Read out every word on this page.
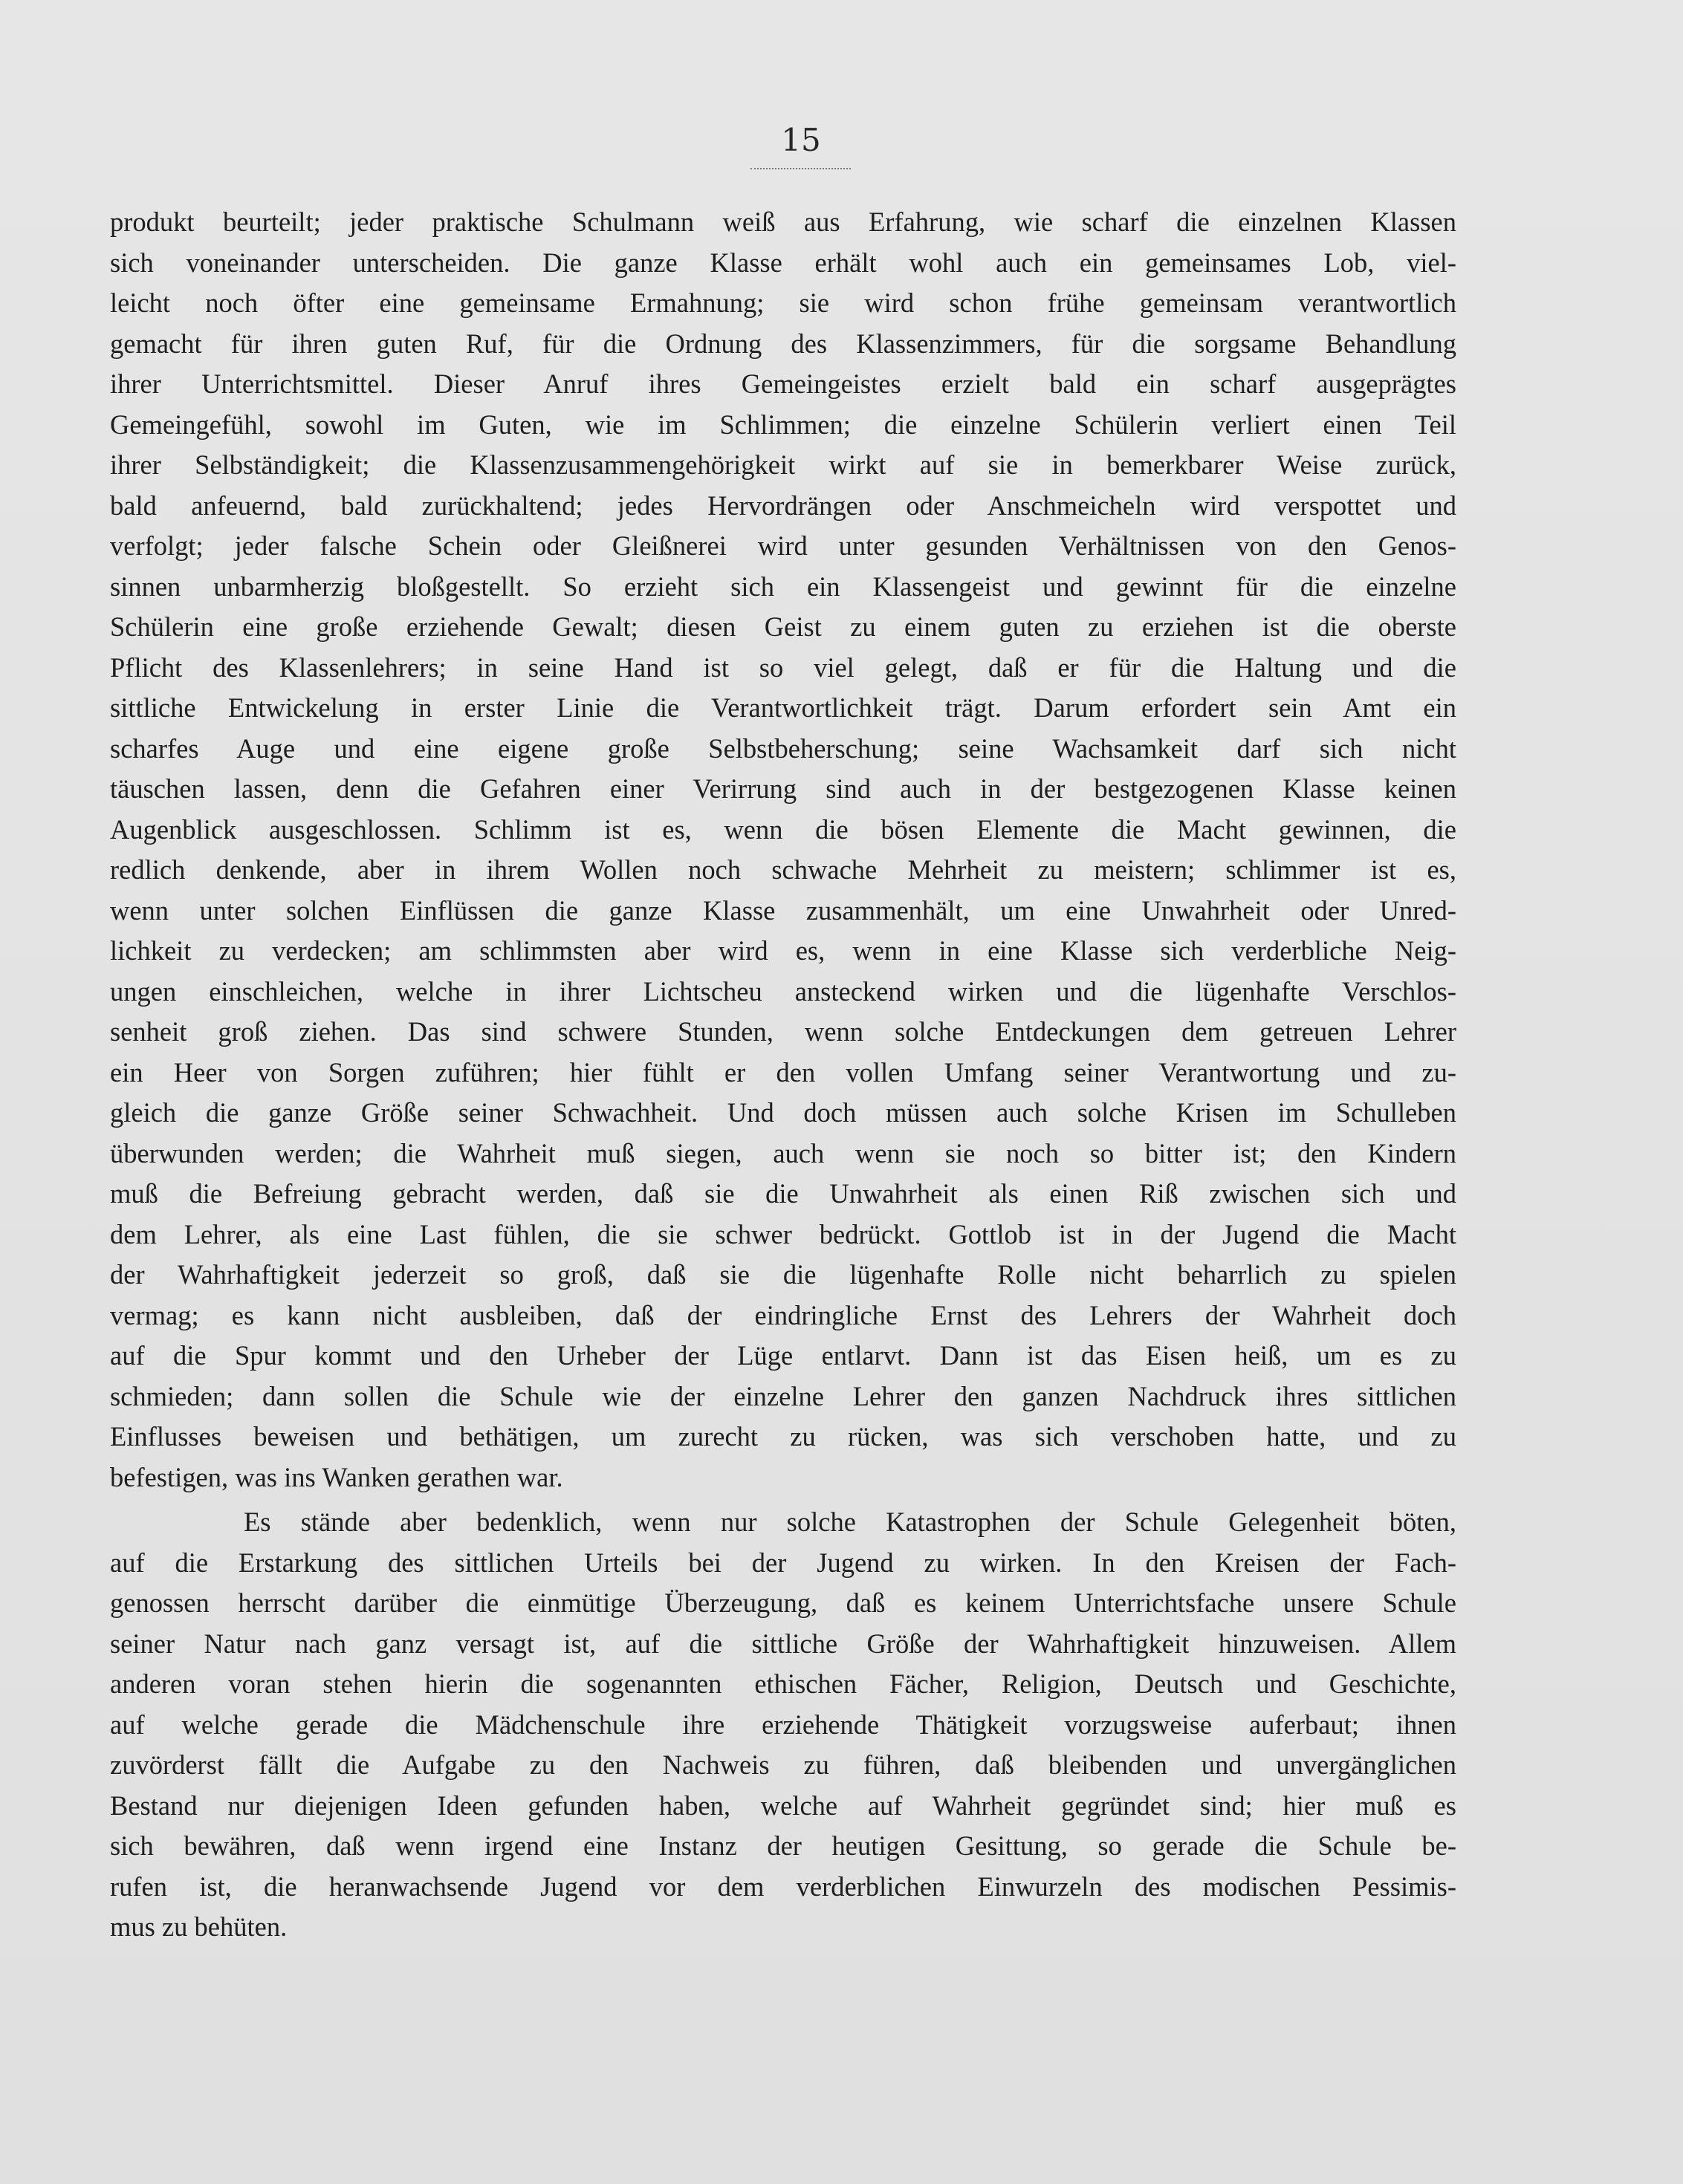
15
produkt beurteilt; jeder praktische Schulmann weiß aus Erfahrung, wie scharf die einzelnen Klassen
sich voneinander unterscheiden. Die ganze Klasse erhält wohl auch ein gemeinsames Lob, viel-
leicht noch öfter eine gemeinsame Ermahnung; sie wird schon frühe gemeinsam verantwortlich
gemacht für ihren guten Ruf, für die Ordnung des Klassenzimmers, für die sorgsame Behandlung
ihrer Unterrichtsmittel. Dieser Anruf ihres Gemeingeistes erzielt bald ein scharf ausgeprägtes
Gemeingefühl, sowohl im Guten, wie im Schlimmen; die einzelne Schülerin verliert einen Teil
ihrer Selbständigkeit; die Klassenzusammengehörigkeit wirkt auf sie in bemerkbarer Weise zurück,
bald anfeuernd, bald zurückhaltend; jedes Hervordrängen oder Anschmeicheln wird verspottet und
verfolgt; jeder falsche Schein oder Gleißnerei wird unter gesunden Verhältnissen von den Genos-
sinnen unbarmherzig bloßgestellt. So erzieht sich ein Klassengeist und gewinnt für die einzelne
Schülerin eine große erziehende Gewalt; diesen Geist zu einem guten zu erziehen ist die oberste
Pflicht des Klassenlehrers; in seine Hand ist so viel gelegt, daß er für die Haltung und die
sittliche Entwickelung in erster Linie die Verantwortlichkeit trägt. Darum erfordert sein Amt ein
scharfes Auge und eine eigene große Selbstbeherschung; seine Wachsamkeit darf sich nicht
täuschen lassen, denn die Gefahren einer Verirrung sind auch in der bestgezogenen Klasse keinen
Augenblick ausgeschlossen. Schlimm ist es, wenn die bösen Elemente die Macht gewinnen, die
redlich denkende, aber in ihrem Wollen noch schwache Mehrheit zu meistern; schlimmer ist es,
wenn unter solchen Einflüssen die ganze Klasse zusammenhält, um eine Unwahrheit oder Unred-
lichkeit zu verdecken; am schlimmsten aber wird es, wenn in eine Klasse sich verderbliche Neig-
ungen einschleichen, welche in ihrer Lichtscheu ansteckend wirken und die lügenhafte Verschlos-
senheit groß ziehen. Das sind schwere Stunden, wenn solche Entdeckungen dem getreuen Lehrer
ein Heer von Sorgen zuführen; hier fühlt er den vollen Umfang seiner Verantwortung und zu-
gleich die ganze Größe seiner Schwachheit. Und doch müssen auch solche Krisen im Schulleben
überwunden werden; die Wahrheit muß siegen, auch wenn sie noch so bitter ist; den Kindern
muß die Befreiung gebracht werden, daß sie die Unwahrheit als einen Riß zwischen sich und
dem Lehrer, als eine Last fühlen, die sie schwer bedrückt. Gottlob ist in der Jugend die Macht
der Wahrhaftigkeit jederzeit so groß, daß sie die lügenhafte Rolle nicht beharrlich zu spielen
vermag; es kann nicht ausbleiben, daß der eindringliche Ernst des Lehrers der Wahrheit doch
auf die Spur kommt und den Urheber der Lüge entlarvt. Dann ist das Eisen heiß, um es zu
schmieden; dann sollen die Schule wie der einzelne Lehrer den ganzen Nachdruck ihres sittlichen
Einflusses beweisen und bethätigen, um zurecht zu rücken, was sich verschoben hatte, und zu
befestigen, was ins Wanken gerathen war.
Es stände aber bedenklich, wenn nur solche Katastrophen der Schule Gelegenheit böten,
auf die Erstarkung des sittlichen Urteils bei der Jugend zu wirken. In den Kreisen der Fach-
genossen herrscht darüber die einmütige Überzeugung, daß es keinem Unterrichtsfache unsere Schule
seiner Natur nach ganz versagt ist, auf die sittliche Größe der Wahrhaftigkeit hinzuweisen. Allem
anderen voran stehen hierin die sogenannten ethischen Fächer, Religion, Deutsch und Geschichte,
auf welche gerade die Mädchenschule ihre erziehende Thätigkeit vorzugsweise auferbaut; ihnen
zuvörderst fällt die Aufgabe zu den Nachweis zu führen, daß bleibenden und unvergänglichen
Bestand nur diejenigen Ideen gefunden haben, welche auf Wahrheit gegründet sind; hier muß es
sich bewähren, daß wenn irgend eine Instanz der heutigen Gesittung, so gerade die Schule be-
rufen ist, die heranwachsende Jugend vor dem verderblichen Einwurzeln des modischen Pessimis-
mus zu behüten.
